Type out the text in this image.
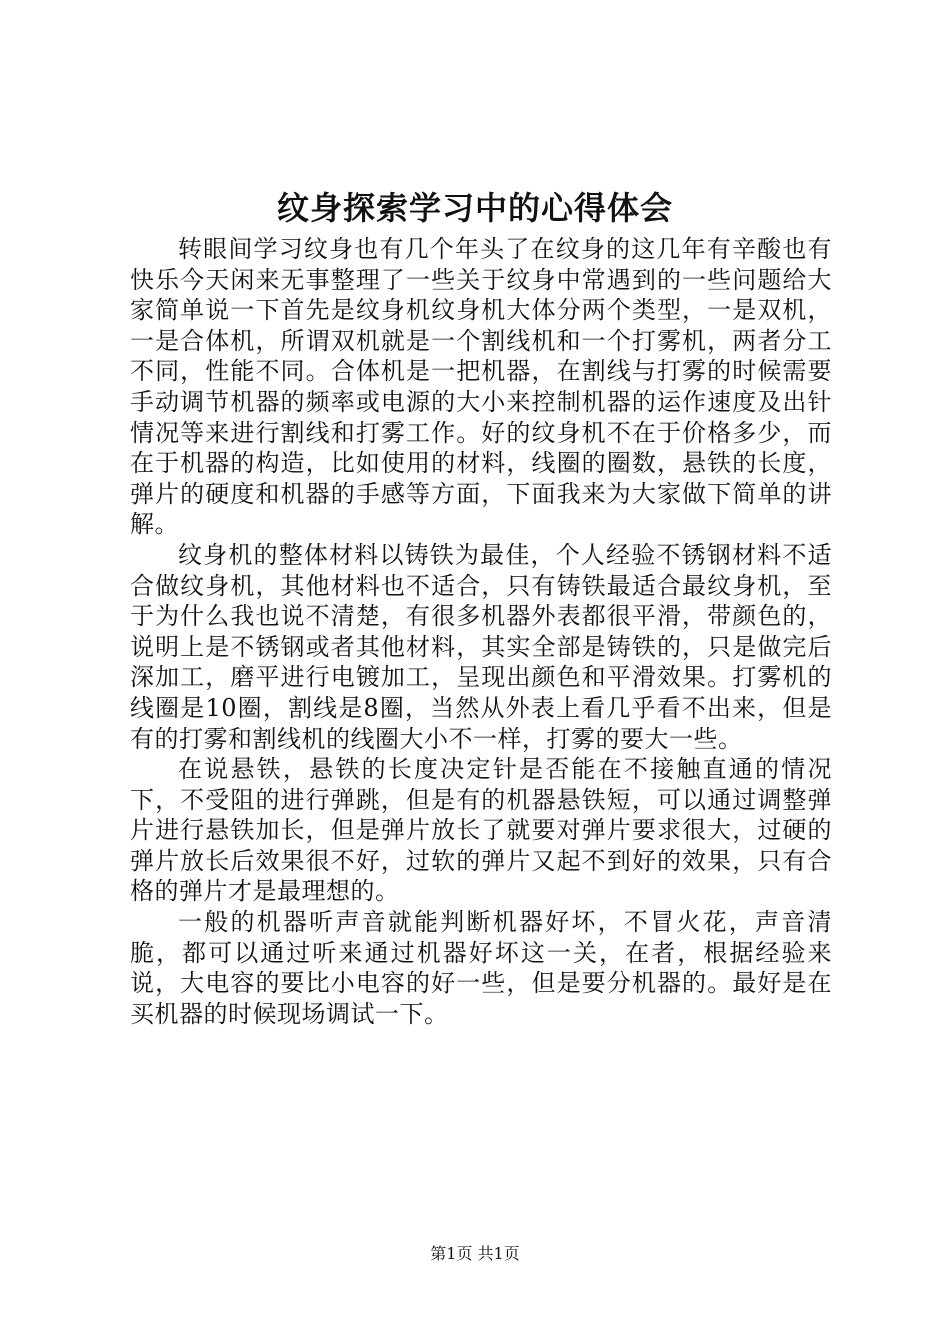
纹身探索学习中的心得体会

转眼间学习纹身也有几个年头了在纹身的这几年有辛酸也有快乐今天闲来无事整理了一些关于纹身中常遇到的一些问题给大家简单说一下首先是纹身机纹身机大体分两个类型，一是双机，一是合体机，所谓双机就是一个割线机和一个打雾机，两者分工不同，性能不同。合体机是一把机器，在割线与打雾的时候需要手动调节机器的频率或电源的大小来控制机器的运作速度及出针情况等来进行割线和打雾工作。好的纹身机不在于价格多少，而在于机器的构造，比如使用的材料，线圈的圈数，悬铁的长度，弹片的硬度和机器的手感等方面，下面我来为大家做下简单的讲解。

纹身机的整体材料以铸铁为最佳，个人经验不锈钢材料不适合做纹身机，其他材料也不适合，只有铸铁最适合最纹身机，至于为什么我也说不清楚，有很多机器外表都很平滑，带颜色的，说明上是不锈钢或者其他材料，其实全部是铸铁的，只是做完后深加工，磨平进行电镀加工，呈现出颜色和平滑效果。打雾机的线圈是10圈，割线是8圈，当然从外表上看几乎看不出来，但是有的打雾和割线机的线圈大小不一样，打雾的要大一些。

在说悬铁，悬铁的长度决定针是否能在不接触直通的情况下，不受阻的进行弹跳，但是有的机器悬铁短，可以通过调整弹片进行悬铁加长，但是弹片放长了就要对弹片要求很大，过硬的弹片放长后效果很不好，过软的弹片又起不到好的效果，只有合格的弹片才是最理想的。

一般的机器听声音就能判断机器好坏，不冒火花，声音清脆，都可以通过听来通过机器好坏这一关，在者，根据经验来说，大电容的要比小电容的好一些，但是要分机器的。最好是在买机器的时候现场调试一下。

第1页 共1页
